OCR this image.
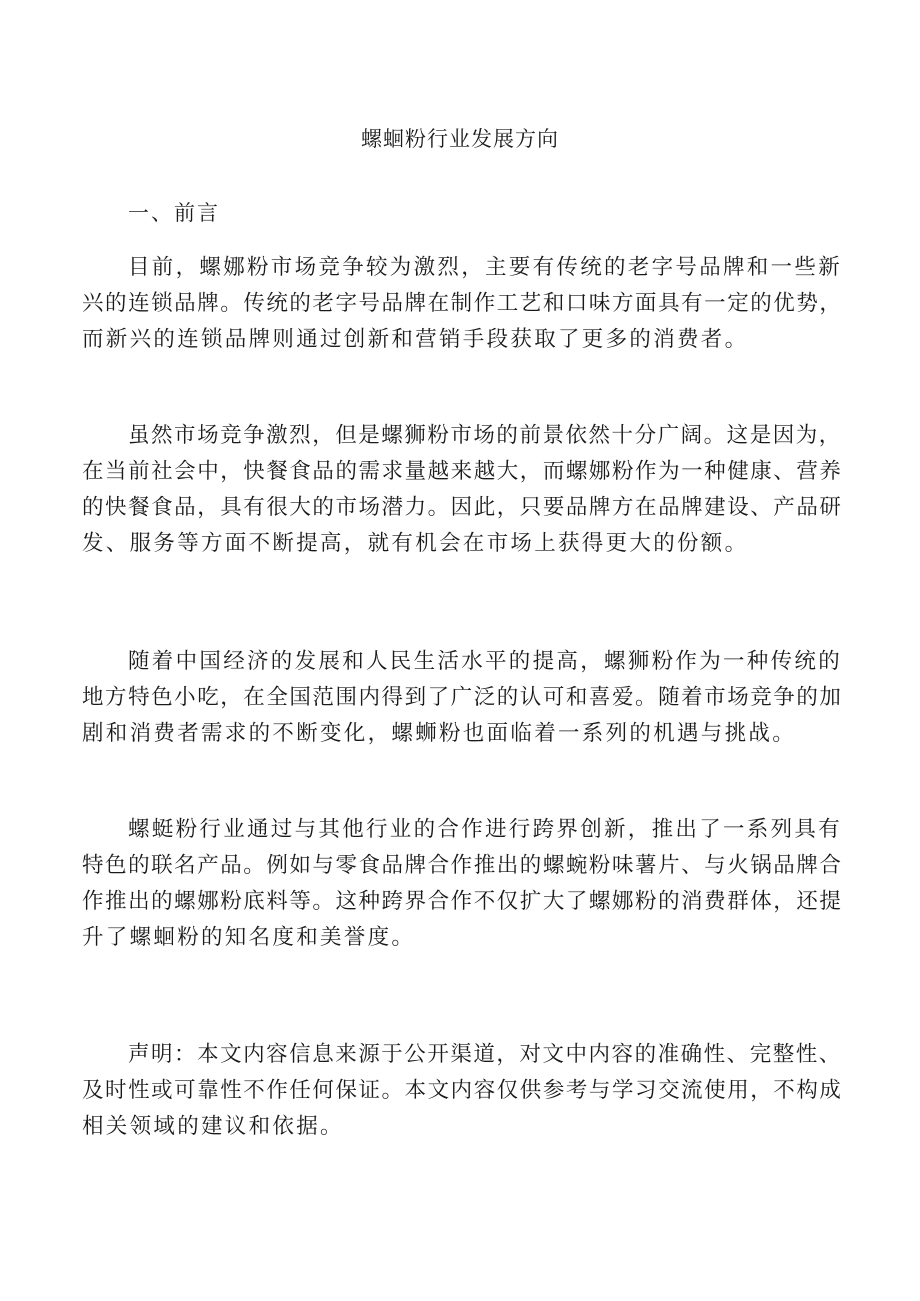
螺蛔粉行业发展方向
一、前言
目前，螺娜粉市场竞争较为激烈，主要有传统的老字号品牌和一些新
兴的连锁品牌。传统的老字号品牌在制作工艺和口味方面具有一定的优势，
而新兴的连锁品牌则通过创新和营销手段获取了更多的消费者。
虽然市场竞争激烈，但是螺狮粉市场的前景依然十分广阔。这是因为，
在当前社会中，快餐食品的需求量越来越大，而螺娜粉作为一种健康、营养
的快餐食品，具有很大的市场潜力。因此，只要品牌方在品牌建设、产品研
发、服务等方面不断提高，就有机会在市场上获得更大的份额。
随着中国经济的发展和人民生活水平的提高，螺狮粉作为一种传统的
地方特色小吃，在全国范围内得到了广泛的认可和喜爱。随着市场竞争的加
剧和消费者需求的不断变化，螺蛳粉也面临着一系列的机遇与挑战。
螺蜓粉行业通过与其他行业的合作进行跨界创新，推出了一系列具有
特色的联名产品。例如与零食品牌合作推出的螺蜿粉味薯片、与火锅品牌合
作推出的螺娜粉底料等。这种跨界合作不仅扩大了螺娜粉的消费群体，还提
升了螺蛔粉的知名度和美誉度。
声明：本文内容信息来源于公开渠道，对文中内容的准确性、完整性、
及时性或可靠性不作任何保证。本文内容仅供参考与学习交流使用，不构成
相关领域的建议和依据。
